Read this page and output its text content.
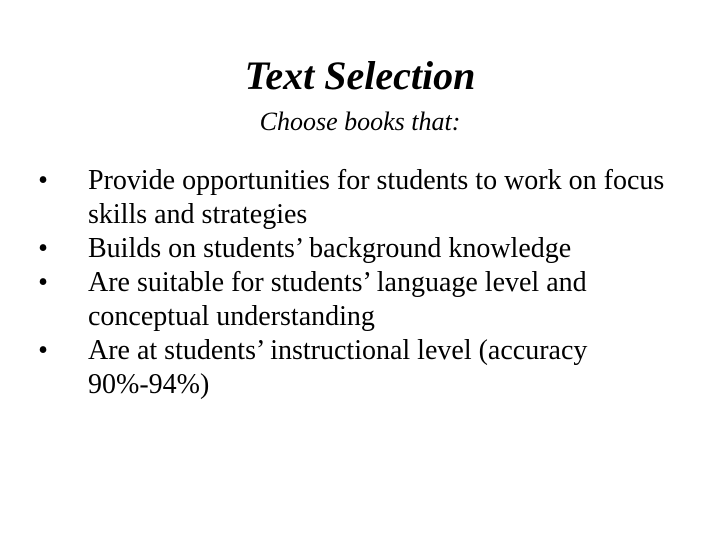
Text Selection
Choose books that:
•	Provide opportunities for students to work on focus skills and strategies
•	Builds on students’ background knowledge
•	Are suitable for students’ language level and conceptual understanding
•	Are at students’ instructional level (accuracy 90%-94%)
